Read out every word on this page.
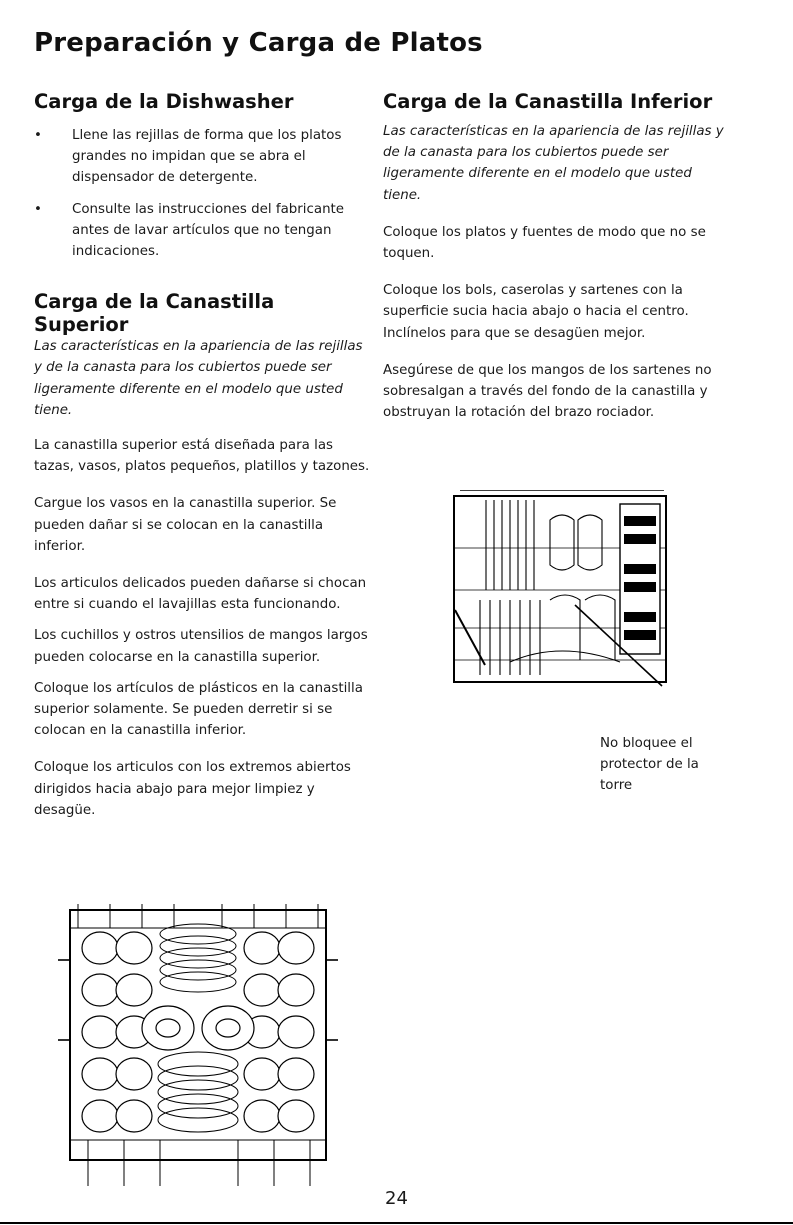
Preparación y Carga de Platos
Carga de la Dishwasher

• Llene las rejillas de forma que los platos grandes no impidan que se abra el dispensador de detergente.

• Consulte las instrucciones del fabricante antes de lavar artículos que no tengan indicaciones.

Carga de la Canastilla Superior

Las características en la apariencia de las rejillas y de la canasta para los cubiertos puede ser ligeramente diferente en el modelo que usted tiene.

La canastilla superior está diseñada para las tazas, vasos, platos pequeños, platillos y tazones.

Cargue los vasos en la canastilla superior. Se pueden dañar si se colocan en la canastilla inferior.

Los articulos delicados pueden dañarse si chocan entre si cuando el lavajillas esta funcionando.

Los cuchillos y ostros utensilios de mangos largos pueden colocarse en la canastilla superior.

Coloque los artículos de plásticos en la canastilla superior solamente. Se pueden derretir si se colocan en la canastilla inferior.

Coloque los articulos con los extremos abiertos dirigidos hacia abajo para mejor limpiez y desagüe.

Carga de la Canastilla Inferior

Las características en la apariencia de las rejillas y de la canasta para los cubiertos puede ser ligeramente diferente en el modelo que usted tiene.

Coloque los platos y fuentes de modo que no se toquen.

Coloque los bols, caserolas y sartenes con la superficie sucia hacia abajo o hacia el centro. Inclínelos para que se desagüen mejor.

Asegúrese de que los mangos de los sartenes no sobresalgan a través del fondo de la canastilla y obstruyan la rotación del brazo rociador.

No bloquee el protector de la torre
24
